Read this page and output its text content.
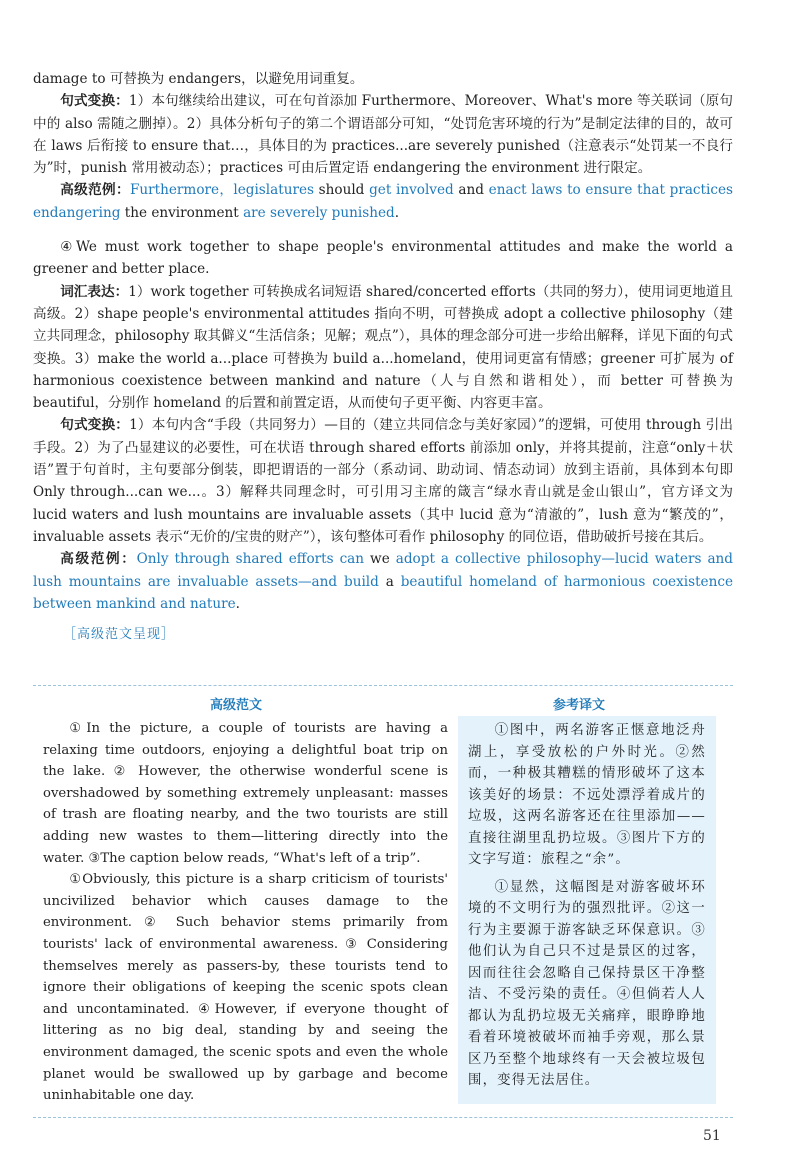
damage to 可替换为 endangers，以避免用词重复。

句式变换：1）本句继续给出建议，可在句首添加 Furthermore、Moreover、What's more 等关联词（原句中的 also 需随之删掉）。2）具体分析句子的第二个谓语部分可知，“处罚危害环境的行为”是制定法律的目的，故可在 laws 后衔接 to ensure that…，具体目的为 practices...are severely punished（注意表示“处罚某一不良行为”时，punish 常用被动态）；practices 可由后置定语 endangering the environment 进行限定。

高级范例：Furthermore，legislatures should get involved and enact laws to ensure that practices endangering the environment are severely punished.

④We must work together to shape people's environmental attitudes and make the world a greener and better place.

词汇表达：1）work together 可转换成名词短语 shared/concerted efforts（共同的努力），使用词更地道且高级。2）shape people's environmental attitudes 指向不明，可替换成 adopt a collective philosophy（建立共同理念，philosophy 取其僻义“生活信条；见解；观点”），具体的理念部分可进一步给出解释，详见下面的句式变换。3）make the world a...place 可替换为 build a...homeland，使用词更富有情感；greener 可扩展为 of harmonious coexistence between mankind and nature（人与自然和谐相处），而 better 可替换为 beautiful，分别作 homeland 的后置和前置定语，从而使句子更平衡、内容更丰富。

句式变换：1）本句内含“手段（共同努力）—目的（建立共同信念与美好家园）”的逻辑，可使用 through 引出手段。2）为了凸显建议的必要性，可在状语 through shared efforts 前添加 only，并将其提前，注意“only＋状语”置于句首时，主句要部分倒装，即把谓语的一部分（系动词、助动词、情态动词）放到主语前，具体到本句即 Only through...can we...。3）解释共同理念时，可引用习主席的箴言“绿水青山就是金山银山”，官方译文为 lucid waters and lush mountains are invaluable assets（其中 lucid 意为“清澈的”，lush 意为“繁茂的”，invaluable assets 表示“无价的/宝贵的财产”），该句整体可看作 philosophy 的同位语，借助破折号接在其后。

高级范例：Only through shared efforts can we adopt a collective philosophy—lucid waters and lush mountains are invaluable assets—and build a beautiful homeland of harmonious coexistence between mankind and nature.

［高级范文呈现］
高级范文	参考译文

①In the picture, a couple of tourists are having a relaxing time outdoors, enjoying a delightful boat trip on the lake. ② However, the otherwise wonderful scene is overshadowed by something extremely unpleasant: masses of trash are floating nearby, and the two tourists are still adding new wastes to them—littering directly into the water. ③The caption below reads, “What's left of a trip”.

①Obviously, this picture is a sharp criticism of tourists' uncivilized behavior which causes damage to the environment. ② Such behavior stems primarily from tourists' lack of environmental awareness. ③ Considering themselves merely as passers-by, these tourists tend to ignore their obligations of keeping the scenic spots clean and uncontaminated. ④However, if everyone thought of littering as no big deal, standing by and seeing the environment damaged, the scenic spots and even the whole planet would be swallowed up by garbage and become uninhabitable one day.

①图中，两名游客正惬意地泛舟湖上，享受放松的户外时光。②然而，一种极其糟糕的情形破坏了这本该美好的场景：不远处漂浮着成片的垃圾，这两名游客还在往里添加——直接往湖里乱扔垃圾。③图片下方的文字写道：旅程之“余”。

①显然，这幅图是对游客破坏环境的不文明行为的强烈批评。②这一行为主要源于游客缺乏环保意识。③他们认为自己只不过是景区的过客，因而往往会忽略自己保持景区干净整洁、不受污染的责任。④但倘若人人都认为乱扔垃圾无关痛痒，眼睁睁地看着环境被破坏而袖手旁观，那么景区乃至整个地球终有一天会被垃圾包围，变得无法居住。

51
